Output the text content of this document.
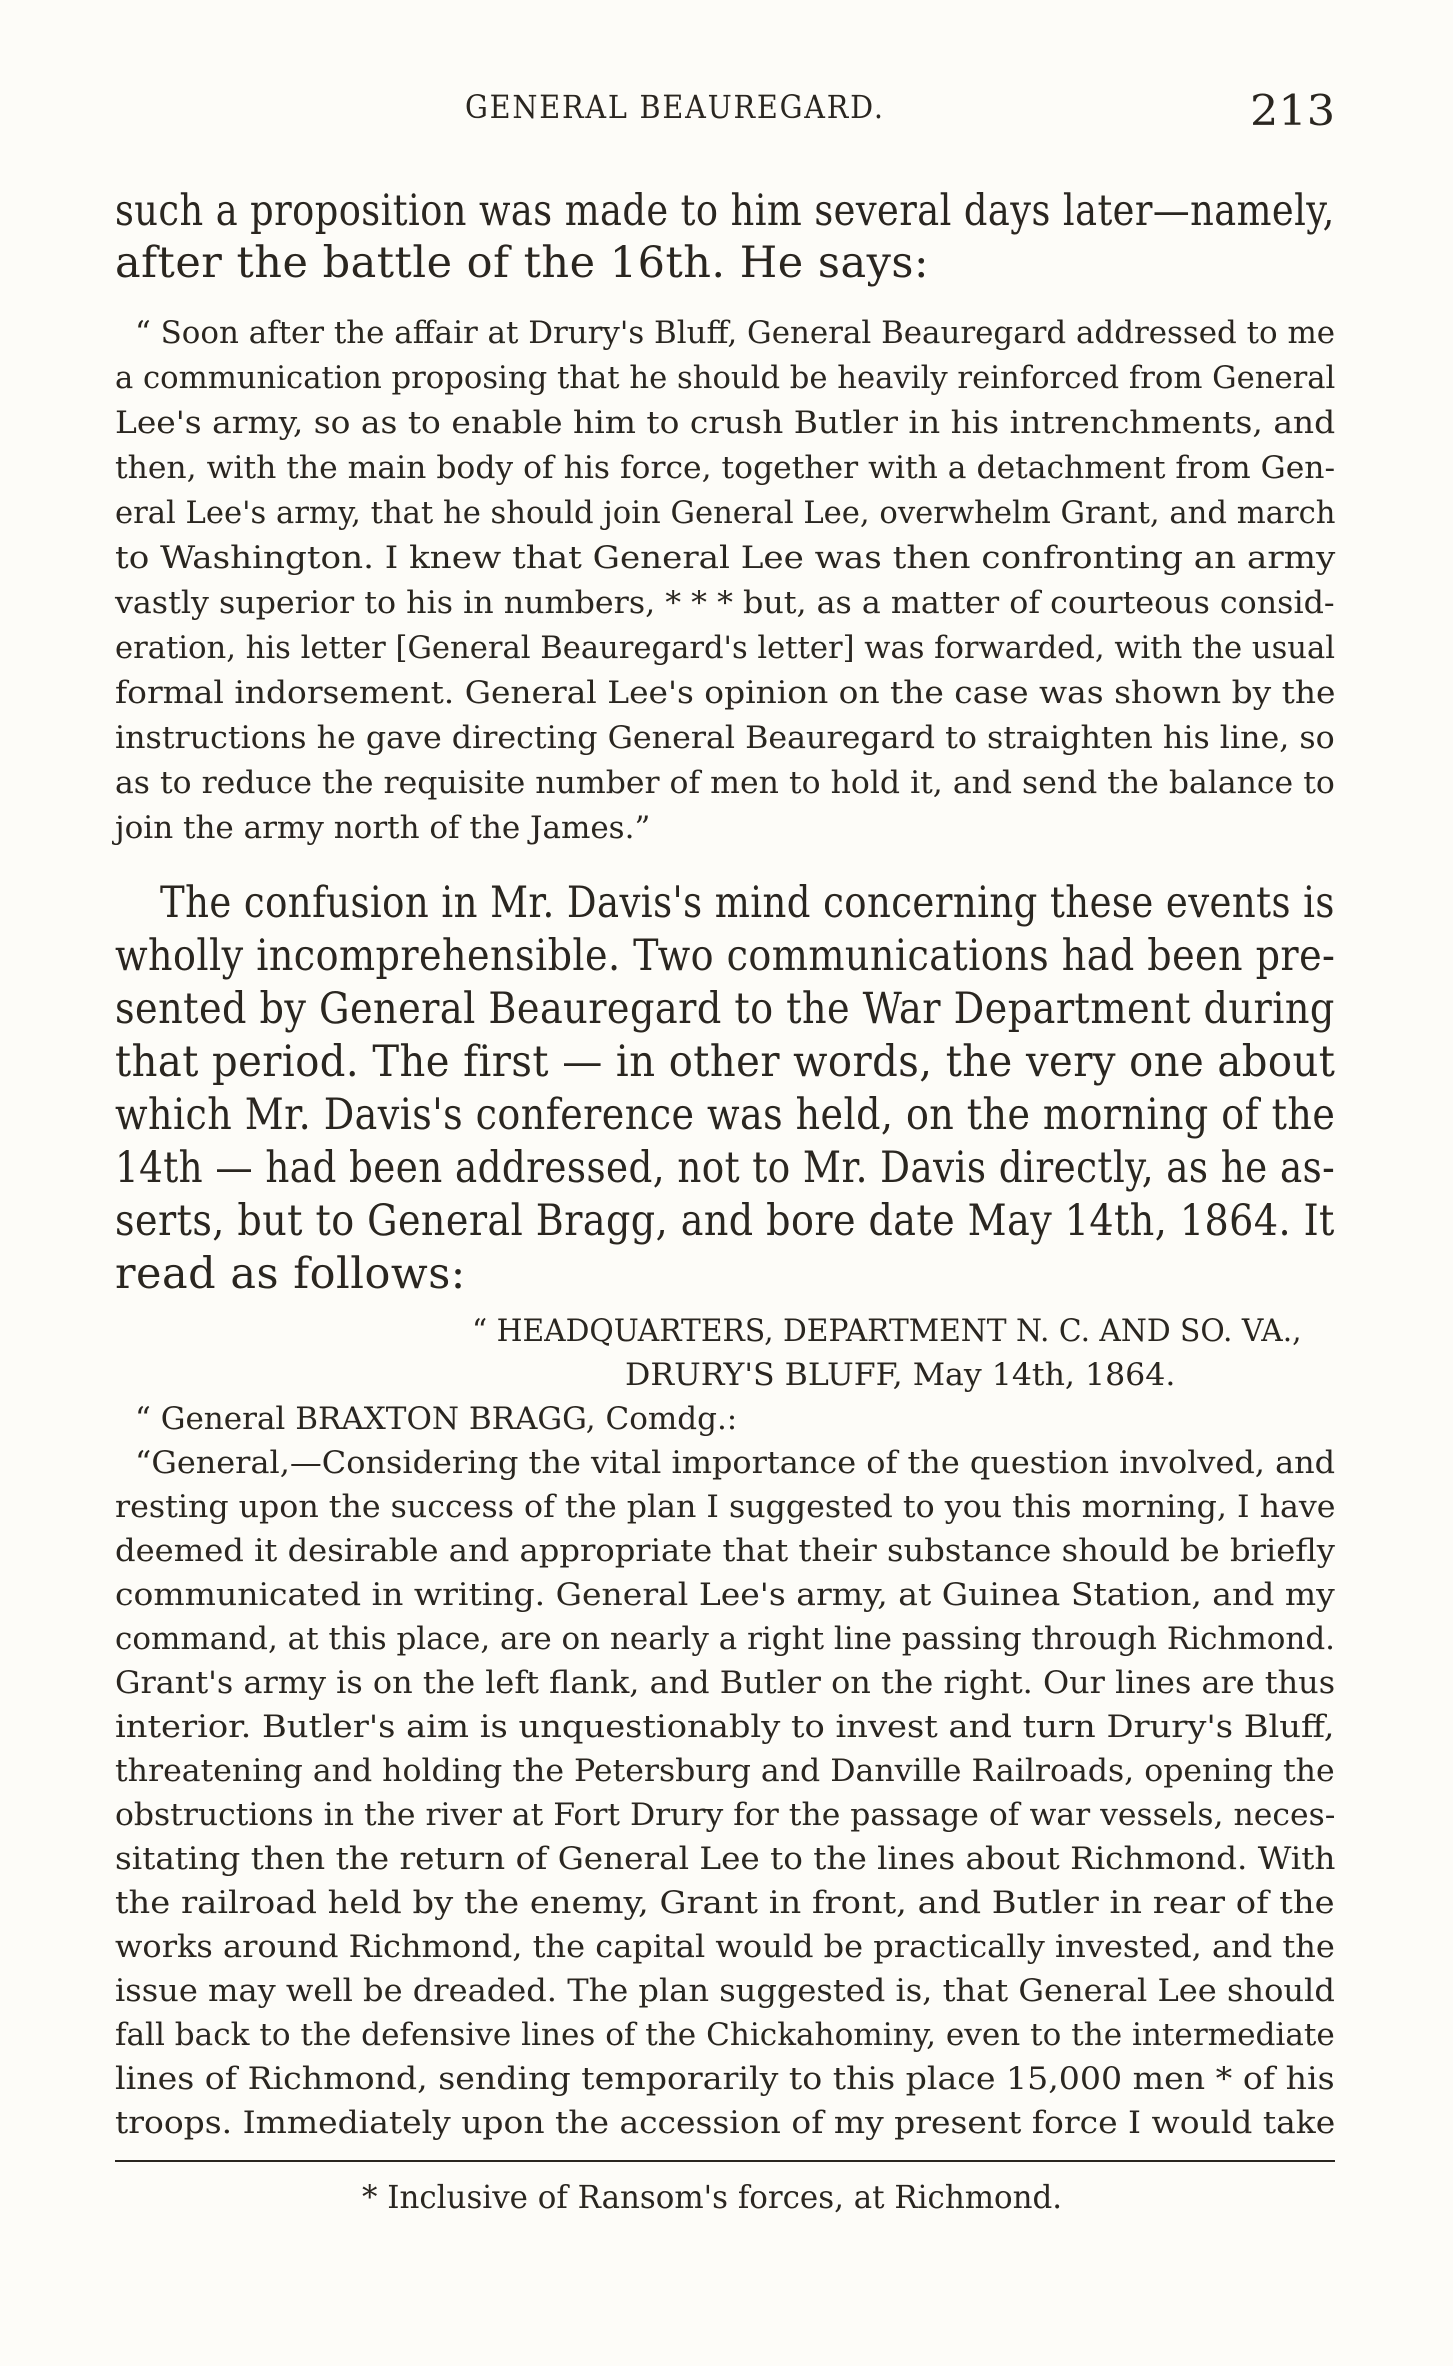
GENERAL BEAUREGARD.	213

such a proposition was made to him several days later—namely,

after the battle of the 16th. He says:

“ Soon after the affair at Drury's Bluff, General Beauregard addressed to me

a communication proposing that he should be heavily reinforced from General

Lee's army, so as to enable him to crush Butler in his intrenchments, and

then, with the main body of his force, together with a detachment from Gen-

eral Lee's army, that he should join General Lee, overwhelm Grant, and march

to Washington. I knew that General Lee was then confronting an army

vastly superior to his in numbers, * * * but, as a matter of courteous consid-

eration, his letter [General Beauregard's letter] was forwarded, with the usual

formal indorsement. General Lee's opinion on the case was shown by the

instructions he gave directing General Beauregard to straighten his line, so

as to reduce the requisite number of men to hold it, and send the balance to

join the army north of the James.”

The confusion in Mr. Davis's mind concerning these events is

wholly incomprehensible. Two communications had been pre-

sented by General Beauregard to the War Department during

that period. The first — in other words, the very one about

which Mr. Davis's conference was held, on the morning of the

14th — had been addressed, not to Mr. Davis directly, as he as-

serts, but to General Bragg, and bore date May 14th, 1864. It

read as follows:

“ HEADQUARTERS, DEPARTMENT N. C. AND SO. VA.,

DRURY'S BLUFF, May 14th, 1864.

“ General BRAXTON BRAGG, Comdg.:

“General,—Considering the vital importance of the question involved, and

resting upon the success of the plan I suggested to you this morning, I have

deemed it desirable and appropriate that their substance should be briefly

communicated in writing. General Lee's army, at Guinea Station, and my

command, at this place, are on nearly a right line passing through Richmond.

Grant's army is on the left flank, and Butler on the right. Our lines are thus

interior. Butler's aim is unquestionably to invest and turn Drury's Bluff,

threatening and holding the Petersburg and Danville Railroads, opening the

obstructions in the river at Fort Drury for the passage of war vessels, neces-

sitating then the return of General Lee to the lines about Richmond. With

the railroad held by the enemy, Grant in front, and Butler in rear of the

works around Richmond, the capital would be practically invested, and the

issue may well be dreaded. The plan suggested is, that General Lee should

fall back to the defensive lines of the Chickahominy, even to the intermediate

lines of Richmond, sending temporarily to this place 15,000 men * of his

troops. Immediately upon the accession of my present force I would take

* Inclusive of Ransom's forces, at Richmond.
